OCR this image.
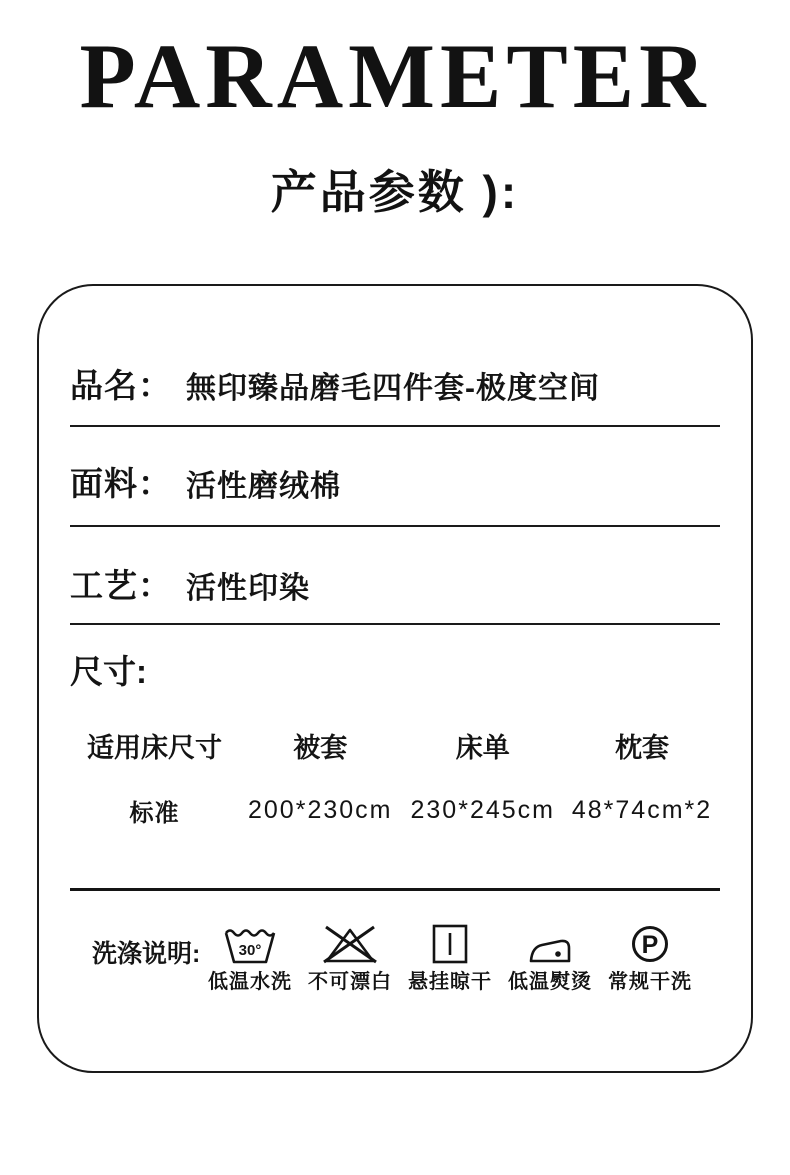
PARAMETER
产品参数 ):
品名： 無印臻品磨毛四件套-极度空间
面料： 活性磨绒棉
工艺： 活性印染
尺寸:
适用床尺寸	被套	床单	枕套
标准	200*230cm 230*245cm 48*74cm*2
洗涤说明:	30°
低温水洗 不可漂白 悬挂晾干 低温熨烫
P
常规干洗
